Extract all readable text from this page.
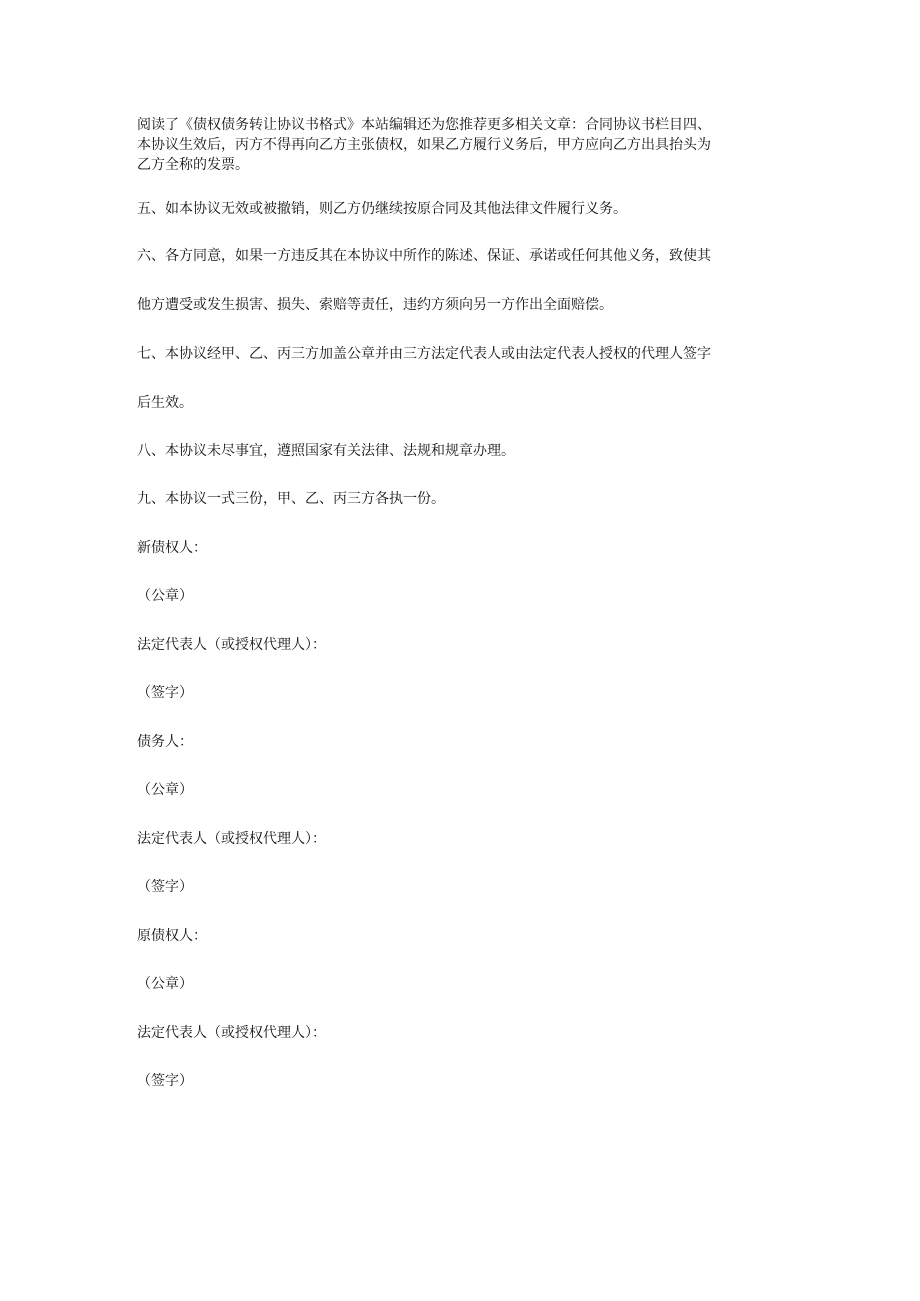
阅读了《债权债务转让协议书格式》本站编辑还为您推荐更多相关文章：合同协议书栏目四、
本协议生效后，丙方不得再向乙方主张债权，如果乙方履行义务后，甲方应向乙方出具抬头为
乙方全称的发票。
五、如本协议无效或被撤销，则乙方仍继续按原合同及其他法律文件履行义务。
六、各方同意，如果一方违反其在本协议中所作的陈述、保证、承诺或任何其他义务，致使其
他方遭受或发生损害、损失、索赔等责任，违约方须向另一方作出全面赔偿。
七、本协议经甲、乙、丙三方加盖公章并由三方法定代表人或由法定代表人授权的代理人签字
后生效。
八、本协议未尽事宜，遵照国家有关法律、法规和规章办理。
九、本协议一式三份，甲、乙、丙三方各执一份。
新债权人：
（公章）
法定代表人（或授权代理人）：
（签字）
债务人：
（公章）
法定代表人（或授权代理人）：
（签字）
原债权人：
（公章）
法定代表人（或授权代理人）：
（签字）
